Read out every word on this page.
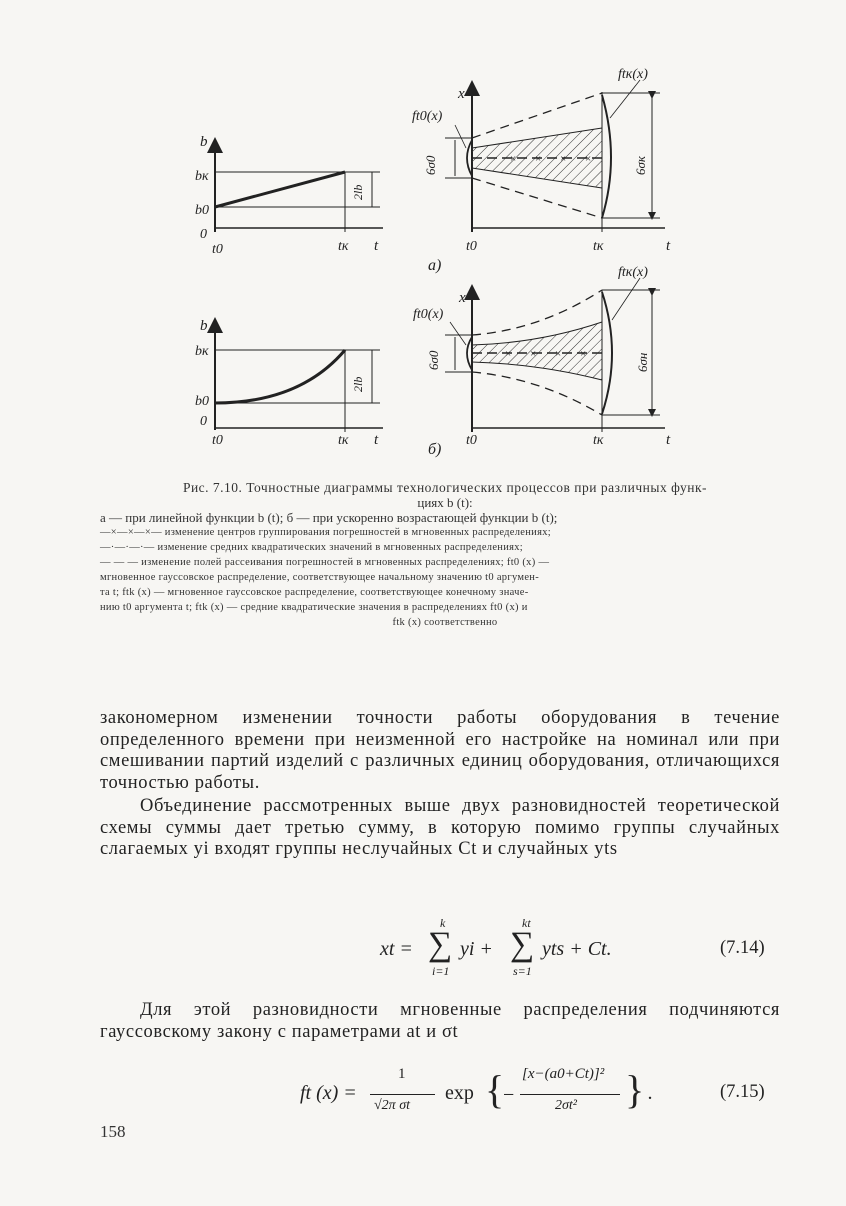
b
bк
b0
0
t0	tк t
2lb
b
bк
b0
0
t0	tк t
2lb
× × × ×
x
ft0(x)
ftк(x)
6σ0	6σк
t0	tк	t
а)
× × × ×
x
ft0(x)
ftк(x)
6σ0	6σн
t0	tк	t
б)
Рис. 7.10. Точностные диаграммы технологических процессов при различных функ-
циях b (t):
а — при линейной функции b (t); б — при ускоренно возрастающей функции b (t);
—×—×—×— изменение центров группирования погрешностей в мгновенных распределениях;
—·—·—·— изменение средних квадратических значений в мгновенных распределениях;
— — — изменение полей рассеивания погрешностей в мгновенных распределениях; ft0 (x) —
мгновенное гауссовское распределение, соответствующее начальному значению t0 аргумен-
та t; ftk (x) — мгновенное гауссовское распределение, соответствующее конечному значе-
нию t0 аргумента t; ftk (x) — средние квадратические значения в распределениях ft0 (x) и
ftk (x) соответственно
закономерном изменении точности работы оборудования в течение определенного времени при неизменной его настройке на номинал или при смешивании партий изделий с различных единиц оборудования, отличающихся точностью работы.
Объединение рассмотренных выше двух разновидностей теоретической схемы суммы дает третью сумму, в которую помимо группы случайных слагаемых yi входят группы неслучайных Ct и случайных yts
xt =
k
∑
i=1
yi +
kt
∑
s=1
yts + Ct.	(7.14)
Для этой разновидности мгновенные распределения подчиняются гауссовскому закону с параметрами at и σt
ft (x) =
1
√2π σt
exp {
−
[x−(a0+Ct)]²
2σt² } .	(7.15)
158
